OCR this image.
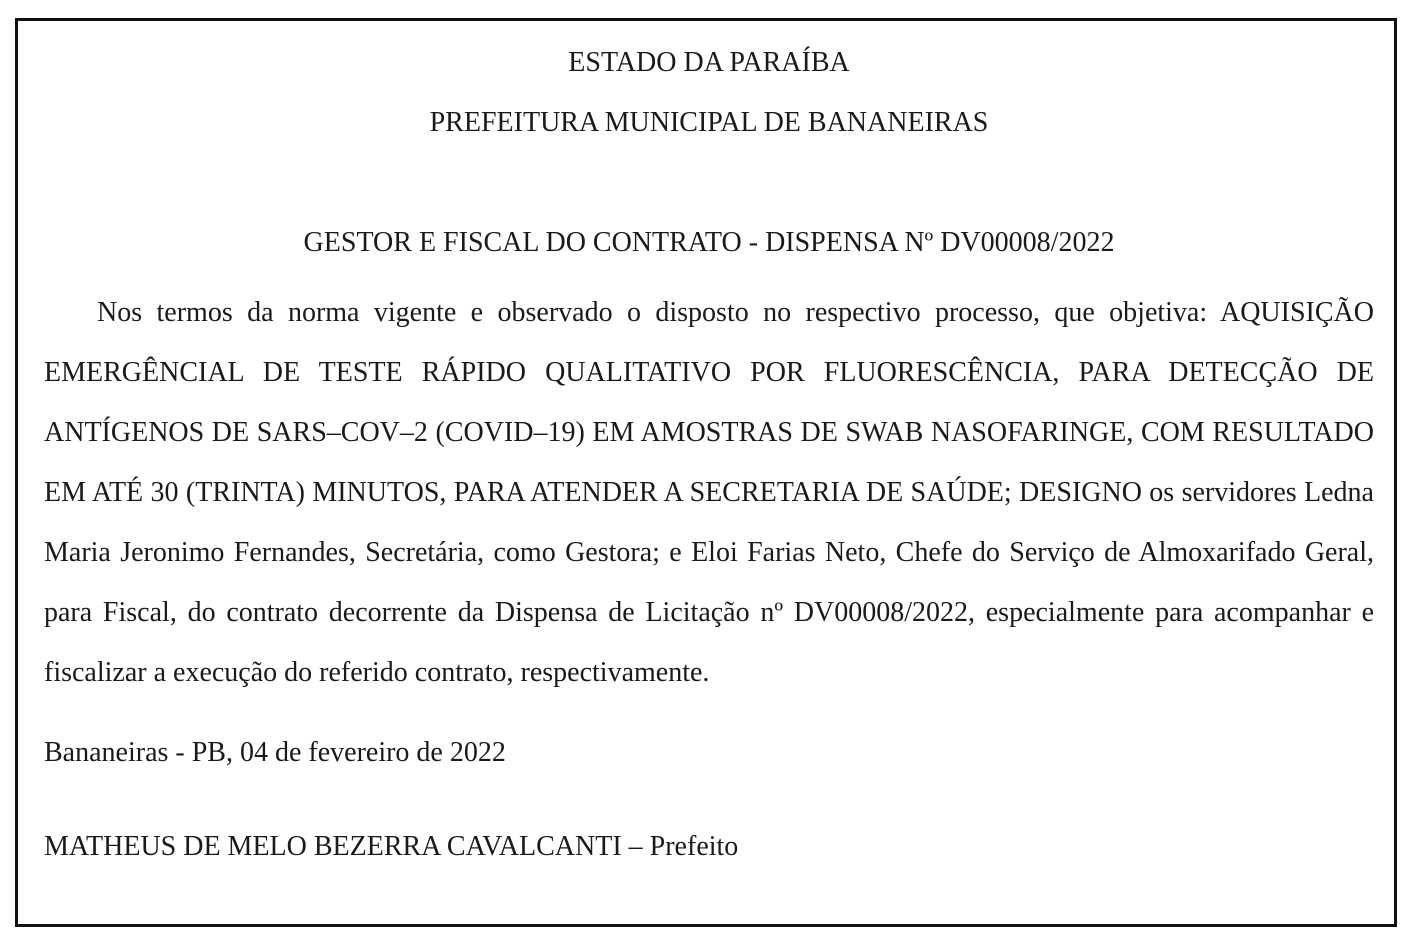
ESTADO DA PARAÍBA
PREFEITURA MUNICIPAL DE BANANEIRAS
GESTOR E FISCAL DO CONTRATO - DISPENSA Nº DV00008/2022

Nos termos da norma vigente e observado o disposto no respectivo processo, que objetiva: AQUISIÇÃO EMERGÊNCIAL DE TESTE RÁPIDO QUALITATIVO POR FLUORESCÊNCIA, PARA DETECÇÃO DE ANTÍGENOS DE SARS–COV–2 (COVID–19) EM AMOSTRAS DE SWAB NASOFARINGE, COM RESULTADO EM ATÉ 30 (TRINTA) MINUTOS, PARA ATENDER A SECRETARIA DE SAÚDE; DESIGNO os servidores Ledna Maria Jeronimo Fernandes, Secretária, como Gestora; e Eloi Farias Neto, Chefe do Serviço de Almoxarifado Geral, para Fiscal, do contrato decorrente da Dispensa de Licitação nº DV00008/2022, especialmente para acompanhar e fiscalizar a execução do referido contrato, respectivamente.

Bananeiras - PB, 04 de fevereiro de 2022
MATHEUS DE MELO BEZERRA CAVALCANTI – Prefeito
